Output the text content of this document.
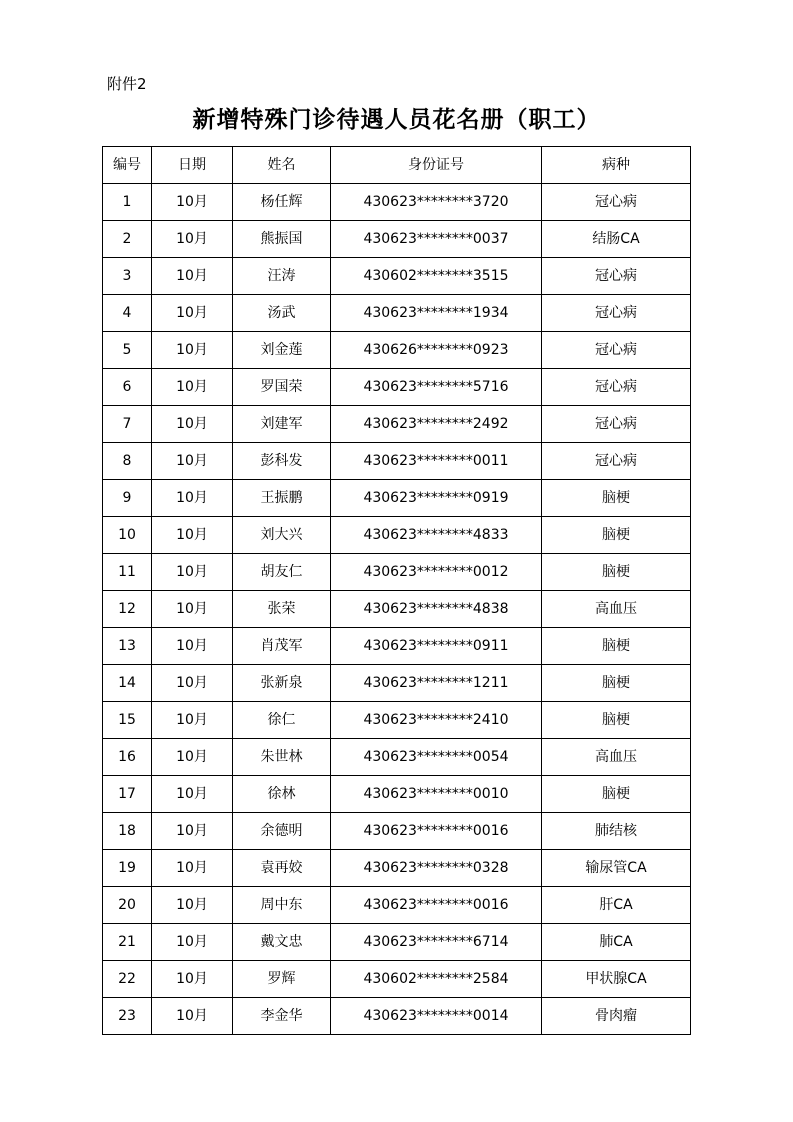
附件2
新增特殊门诊待遇人员花名册（职工）
编号	日期	姓名	身份证号	病种
1	10月	杨任辉	430623********3720	冠心病
2	10月	熊振国	430623********0037	结肠CA
3	10月	汪涛	430602********3515	冠心病
4	10月	汤武	430623********1934	冠心病
5	10月	刘金莲	430626********0923	冠心病
6	10月	罗国荣	430623********5716	冠心病
7	10月	刘建军	430623********2492	冠心病
8	10月	彭科发	430623********0011	冠心病
9	10月	王振鹏	430623********0919	脑梗
10	10月	刘大兴	430623********4833	脑梗
11	10月	胡友仁	430623********0012	脑梗
12	10月	张荣	430623********4838	高血压
13	10月	肖茂军	430623********0911	脑梗
14	10月	张新泉	430623********1211	脑梗
15	10月	徐仁	430623********2410	脑梗
16	10月	朱世林	430623********0054	高血压
17	10月	徐林	430623********0010	脑梗
18	10月	余德明	430623********0016	肺结核
19	10月	袁再姣	430623********0328	输尿管CA
20	10月	周中东	430623********0016	肝CA
21	10月	戴文忠	430623********6714	肺CA
22	10月	罗辉	430602********2584	甲状腺CA
23	10月	李金华	430623********0014	骨肉瘤
